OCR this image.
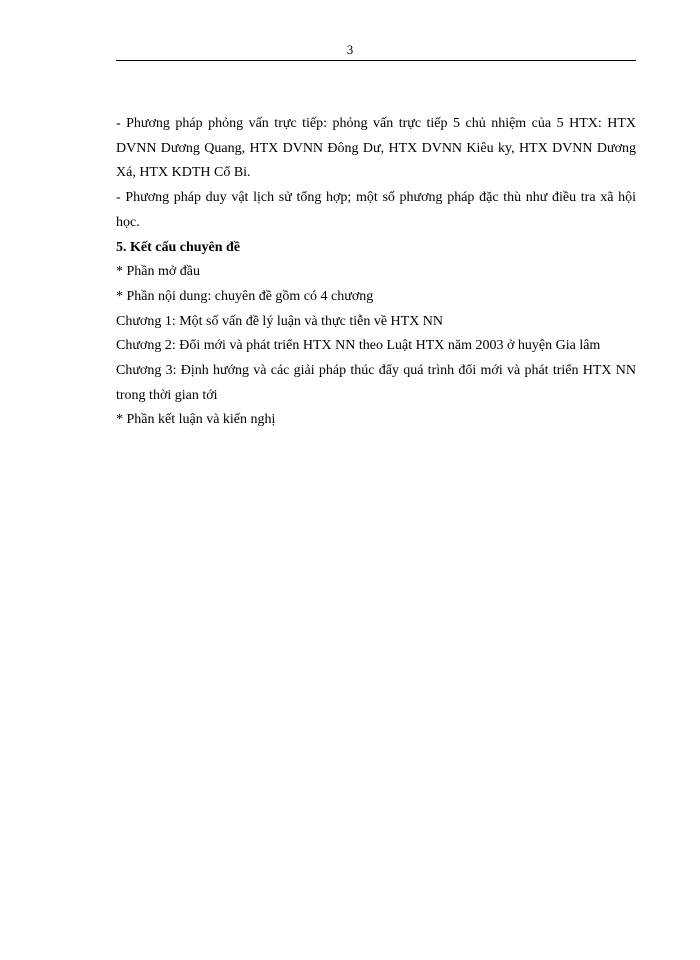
3

- Phương pháp phỏng vấn trực tiếp: phỏng vấn trực tiếp 5 chủ nhiệm của 5 HTX: HTX DVNN Dương Quang, HTX DVNN Đông Dư, HTX DVNN Kiêu ky, HTX DVNN Dương Xá, HTX KDTH Cổ Bi.

- Phương pháp duy vật lịch sử tổng hợp; một số phương pháp đặc thù như điều tra xã hội học.

5. Kết cấu chuyên đề

* Phần mở đầu

* Phần nội dung: chuyên đề gồm có 4 chương

Chương 1: Một số vấn đề lý luận và thực tiễn về HTX NN

Chương 2: Đổi mới và phát triển HTX NN theo Luật HTX năm 2003 ở huyện Gia lâm

Chương 3: Định hướng và các giải pháp thúc đẩy quá trình đổi mới và phát triển HTX NN trong thời gian tới

* Phần kết luận và kiến nghị
